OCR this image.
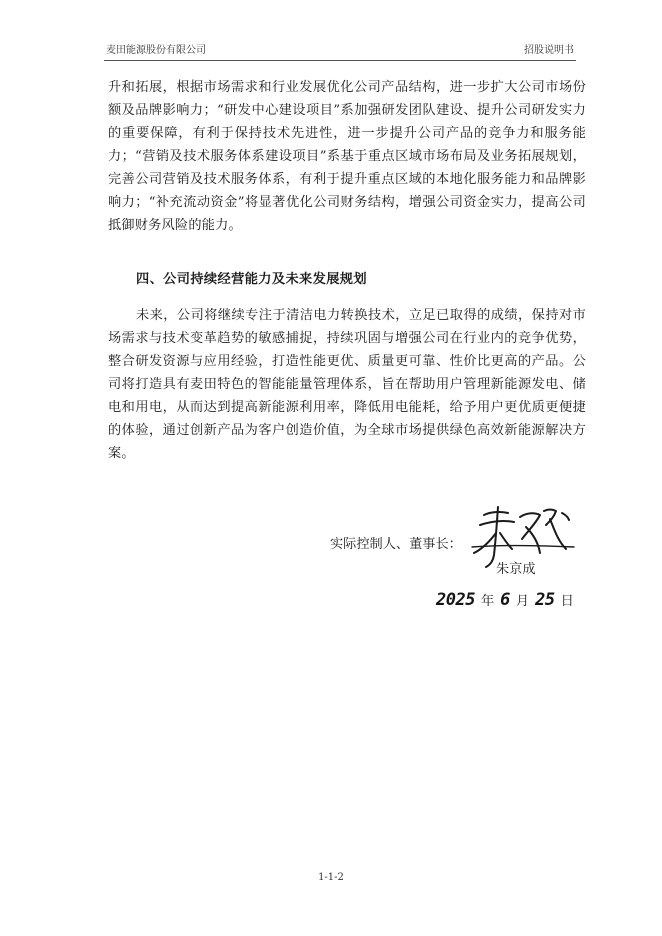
麦田能源股份有限公司	招股说明书

升和拓展，根据市场需求和行业发展优化公司产品结构，进一步扩大公司市场份额及品牌影响力；“研发中心建设项目”系加强研发团队建设、提升公司研发实力的重要保障，有利于保持技术先进性，进一步提升公司产品的竞争力和服务能力；“营销及技术服务体系建设项目”系基于重点区域市场布局及业务拓展规划，完善公司营销及技术服务体系，有利于提升重点区域的本地化服务能力和品牌影响力；“补充流动资金”将显著优化公司财务结构，增强公司资金实力，提高公司抵御财务风险的能力。

四、公司持续经营能力及未来发展规划

未来，公司将继续专注于清洁电力转换技术，立足已取得的成绩，保持对市场需求与技术变革趋势的敏感捕捉，持续巩固与增强公司在行业内的竞争优势，整合研发资源与应用经验，打造性能更优、质量更可靠、性价比更高的产品。公司将打造具有麦田特色的智能能量管理体系，旨在帮助用户管理新能源发电、储电和用电，从而达到提高新能源利用率，降低用电能耗，给予用户更优质更便捷的体验，通过创新产品为客户创造价值，为全球市场提供绿色高效新能源解决方案。

实际控制人、董事长：
朱京成
2025 年 6 月 25 日
1-1-2
